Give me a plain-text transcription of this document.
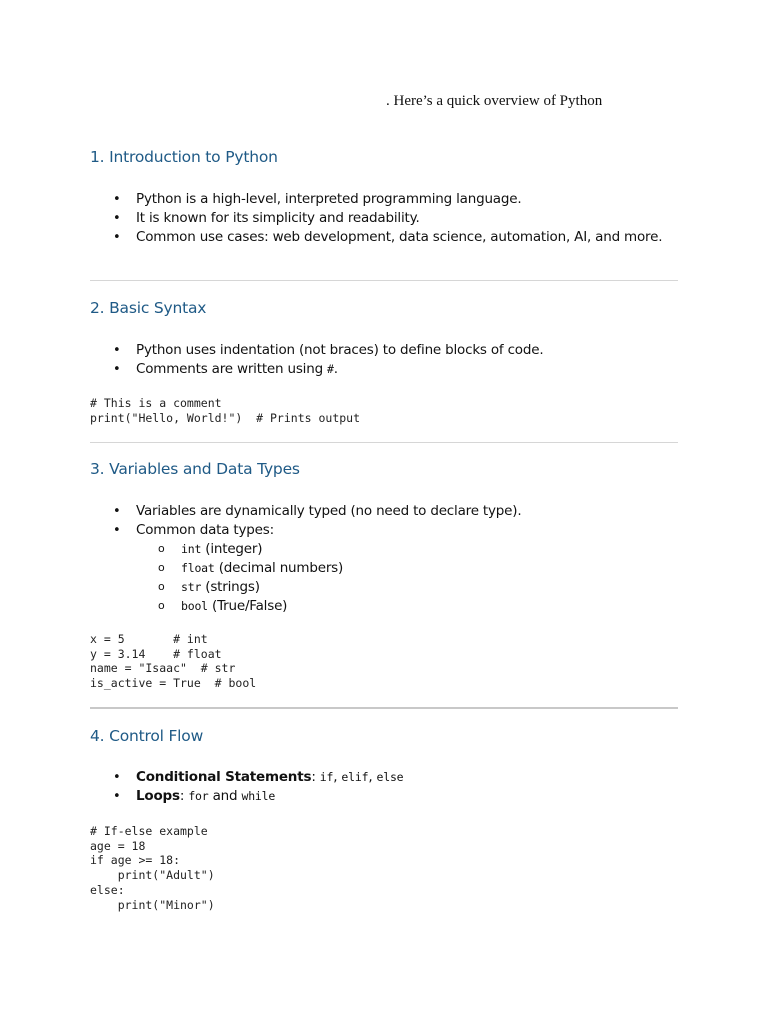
. Here’s a quick overview of Python
1. Introduction to Python
• Python is a high-level, interpreted programming language.
• It is known for its simplicity and readability.
• Common use cases: web development, data science, automation, AI, and more.
2. Basic Syntax
• Python uses indentation (not braces) to define blocks of code.
• Comments are written using #.
# This is a comment
print("Hello, World!")  # Prints output
3. Variables and Data Types
• Variables are dynamically typed (no need to declare type).
• Common data types:
o int (integer)
o float (decimal numbers)
o str (strings)
o bool (True/False)
x = 5       # int
y = 3.14    # float
name = "Isaac"  # str
is_active = True  # bool
4. Control Flow
• Conditional Statements: if, elif, else
• Loops: for and while
# If-else example
age = 18
if age >= 18:
print("Adult")
else:
print("Minor")
